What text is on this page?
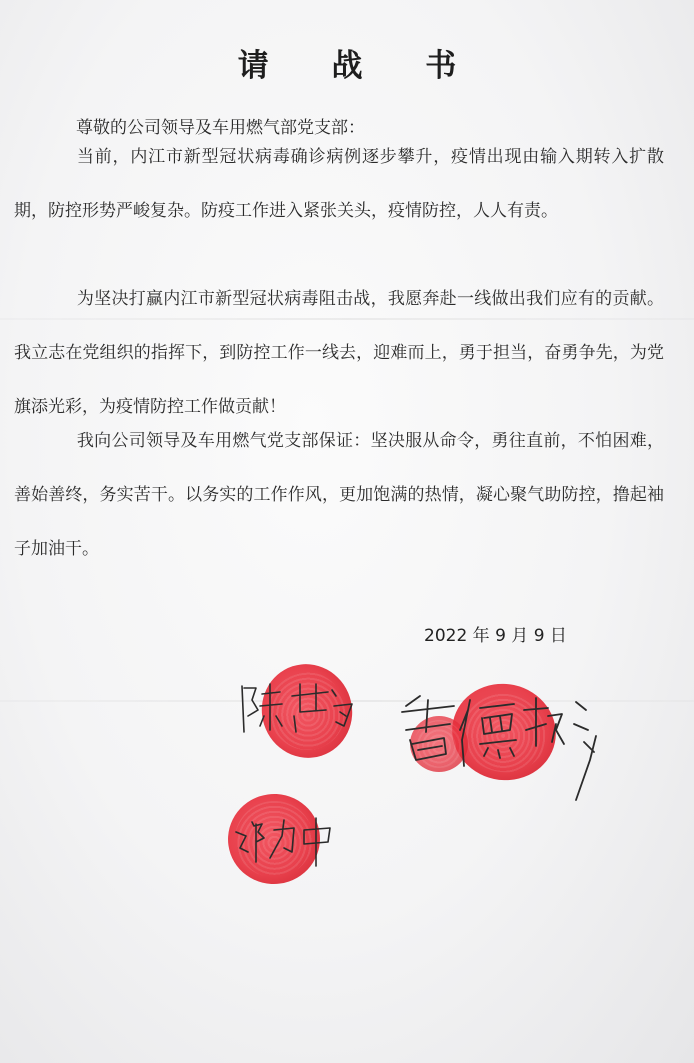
请 战 书
尊敬的公司领导及车用燃气部党支部：

当前，内江市新型冠状病毒确诊病例逐步攀升，疫情出现由输入期转入扩散期，防控形势严峻复杂。防疫工作进入紧张关头，疫情防控，人人有责。

为坚决打赢内江市新型冠状病毒阻击战，我愿奔赴一线做出我们应有的贡献。我立志在党组织的指挥下，到防控工作一线去，迎难而上，勇于担当，奋勇争先，为党旗添光彩，为疫情防控工作做贡献！

我向公司领导及车用燃气党支部保证：坚决服从命令，勇往直前，不怕困难，善始善终，务实苦干。以务实的工作作风，更加饱满的热情，凝心聚气助防控，撸起袖子加油干。

2022 年 9 月 9 日
